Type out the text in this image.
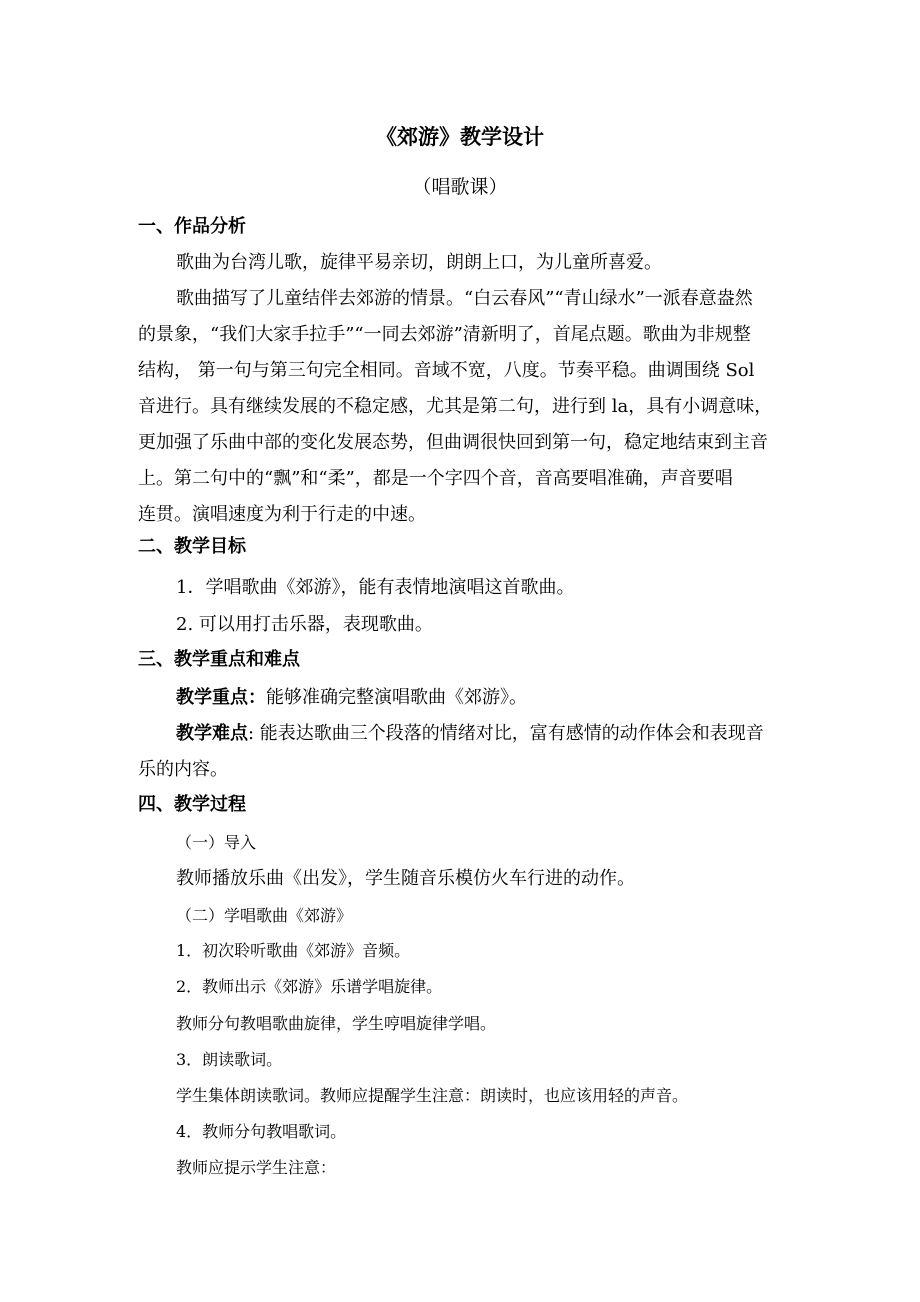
《郊游》教学设计
（唱歌课）
一、作品分析
歌曲为台湾儿歌，旋律平易亲切，朗朗上口，为儿童所喜爱。
歌曲描写了儿童结伴去郊游的情景。“白云春风”“青山绿水”一派春意盎然
的景象，“我们大家手拉手”“一同去郊游”清新明了，首尾点题。歌曲为非规整
结构， 第一句与第三句完全相同。音域不宽，八度。节奏平稳。曲调围绕 Sol
音进行。具有继续发展的不稳定感，尤其是第二句，进行到 la，具有小调意味，
更加强了乐曲中部的变化发展态势，但曲调很快回到第一句，稳定地结束到主音
上。第二句中的“飘”和“柔”，都是一个字四个音，音高要唱准确，声音要唱
连贯。演唱速度为利于行走的中速。
二、教学目标
1．学唱歌曲《郊游》，能有表情地演唱这首歌曲。
2. 可以用打击乐器，表现歌曲。
三、教学重点和难点
教学重点：能够准确完整演唱歌曲《郊游》。
教学难点: 能表达歌曲三个段落的情绪对比，富有感情的动作体会和表现音
乐的内容。
四、教学过程
（一）导入
教师播放乐曲《出发》，学生随音乐模仿火车行进的动作。
（二）学唱歌曲《郊游》
1．初次聆听歌曲《郊游》音频。
2．教师出示《郊游》乐谱学唱旋律。
教师分句教唱歌曲旋律，学生哼唱旋律学唱。
3．朗读歌词。
学生集体朗读歌词。教师应提醒学生注意：朗读时，也应该用轻的声音。
4．教师分句教唱歌词。
教师应提示学生注意：
